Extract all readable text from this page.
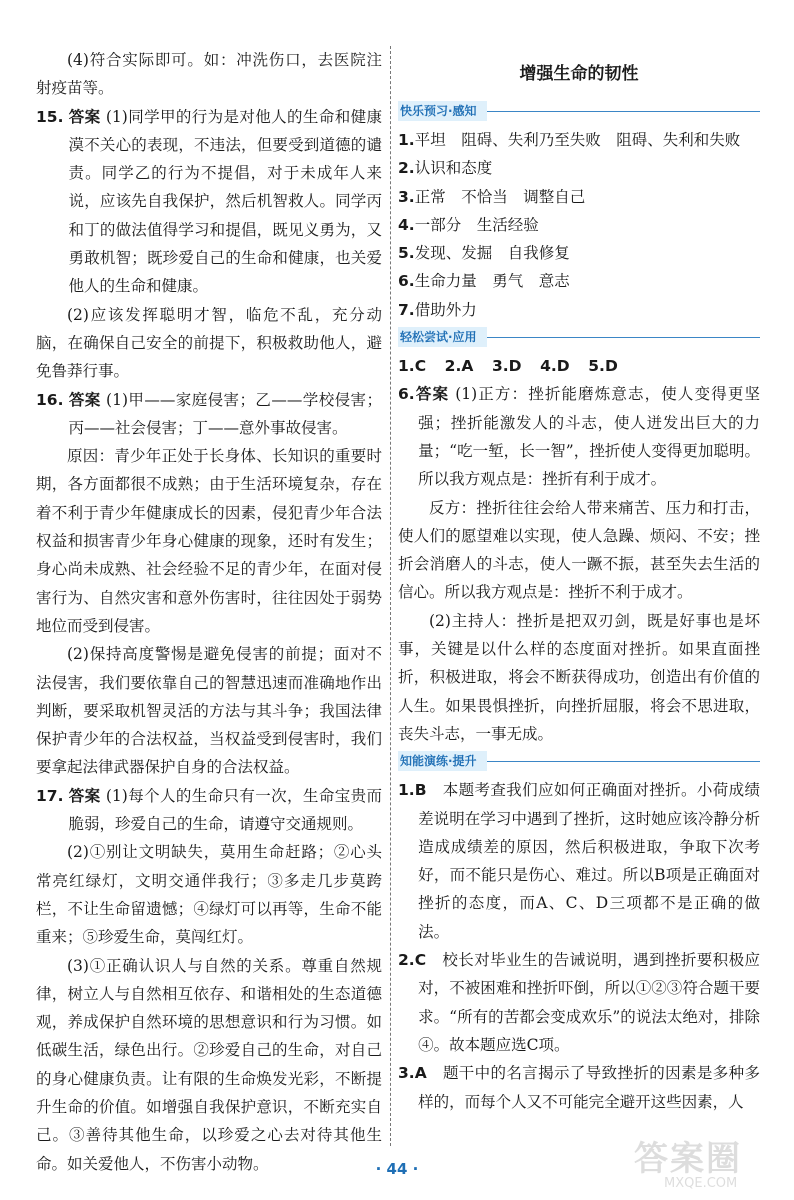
(4)符合实际即可。如：冲洗伤口，去医院注射疫苗等。

15. 答案 (1)同学甲的行为是对他人的生命和健康漠不关心的表现，不违法，但要受到道德的谴责。同学乙的行为不提倡，对于未成年人来说，应该先自我保护，然后机智救人。同学丙和丁的做法值得学习和提倡，既见义勇为，又勇敢机智；既珍爱自己的生命和健康，也关爱他人的生命和健康。

(2)应该发挥聪明才智，临危不乱，充分动脑，在确保自己安全的前提下，积极救助他人，避免鲁莽行事。

16. 答案 (1)甲——家庭侵害；乙——学校侵害；丙——社会侵害；丁——意外事故侵害。

原因：青少年正处于长身体、长知识的重要时期，各方面都很不成熟；由于生活环境复杂，存在着不利于青少年健康成长的因素，侵犯青少年合法权益和损害青少年身心健康的现象，还时有发生；身心尚未成熟、社会经验不足的青少年，在面对侵害行为、自然灾害和意外伤害时，往往因处于弱势地位而受到侵害。

(2)保持高度警惕是避免侵害的前提；面对不法侵害，我们要依靠自己的智慧迅速而准确地作出判断，要采取机智灵活的方法与其斗争；我国法律保护青少年的合法权益，当权益受到侵害时，我们要拿起法律武器保护自身的合法权益。

17. 答案 (1)每个人的生命只有一次，生命宝贵而脆弱，珍爱自己的生命，请遵守交通规则。

(2)①别让文明缺失，莫用生命赶路；②心头常亮红绿灯，文明交通伴我行；③多走几步莫跨栏，不让生命留遗憾；④绿灯可以再等，生命不能重来；⑤珍爱生命，莫闯红灯。

(3)①正确认识人与自然的关系。尊重自然规律，树立人与自然相互依存、和谐相处的生态道德观，养成保护自然环境的思想意识和行为习惯。如低碳生活，绿色出行。②珍爱自己的生命，对自己的身心健康负责。让有限的生命焕发光彩，不断提升生命的价值。如增强自我保护意识，不断充实自己。③善待其他生命，以珍爱之心去对待其他生命。如关爱他人，不伤害小动物。

增强生命的韧性
快乐预习·感知

1.平坦　阻碍、失利乃至失败　阻碍、失利和失败

2.认识和态度

3.正常　不恰当　调整自己

4.一部分　生活经验

5.发现、发掘　自我修复

6.生命力量　勇气　意志

7.借助外力

轻松尝试·应用

1.C 2.A 3.D 4.D 5.D

6.答案 (1)正方：挫折能磨炼意志，使人变得更坚强；挫折能激发人的斗志，使人迸发出巨大的力量；“吃一堑，长一智”，挫折使人变得更加聪明。所以我方观点是：挫折有利于成才。

反方：挫折往往会给人带来痛苦、压力和打击，使人们的愿望难以实现，使人急躁、烦闷、不安；挫折会消磨人的斗志，使人一蹶不振，甚至失去生活的信心。所以我方观点是：挫折不利于成才。

(2)主持人：挫折是把双刃剑，既是好事也是坏事，关键是以什么样的态度面对挫折。如果直面挫折，积极进取，将会不断获得成功，创造出有价值的人生。如果畏惧挫折，向挫折屈服，将会不思进取，丧失斗志，一事无成。

知能演练·提升

1.B　 本题考查我们应如何正确面对挫折。小荷成绩差说明在学习中遇到了挫折，这时她应该冷静分析造成成绩差的原因，然后积极进取，争取下次考好，而不能只是伤心、难过。所以B项是正确面对挫折的态度，而A、C、D三项都不是正确的做法。

2.C　 校长对毕业生的告诫说明，遇到挫折要积极应对，不被困难和挫折吓倒，所以①②③符合题干要求。“所有的苦都会变成欢乐”的说法太绝对，排除④。故本题应选C项。

3.A　 题干中的名言揭示了导致挫折的因素是多种多样的，而每个人又不可能完全避开这些因素，人

· 44 ·	答案圈
MXQE.COM
